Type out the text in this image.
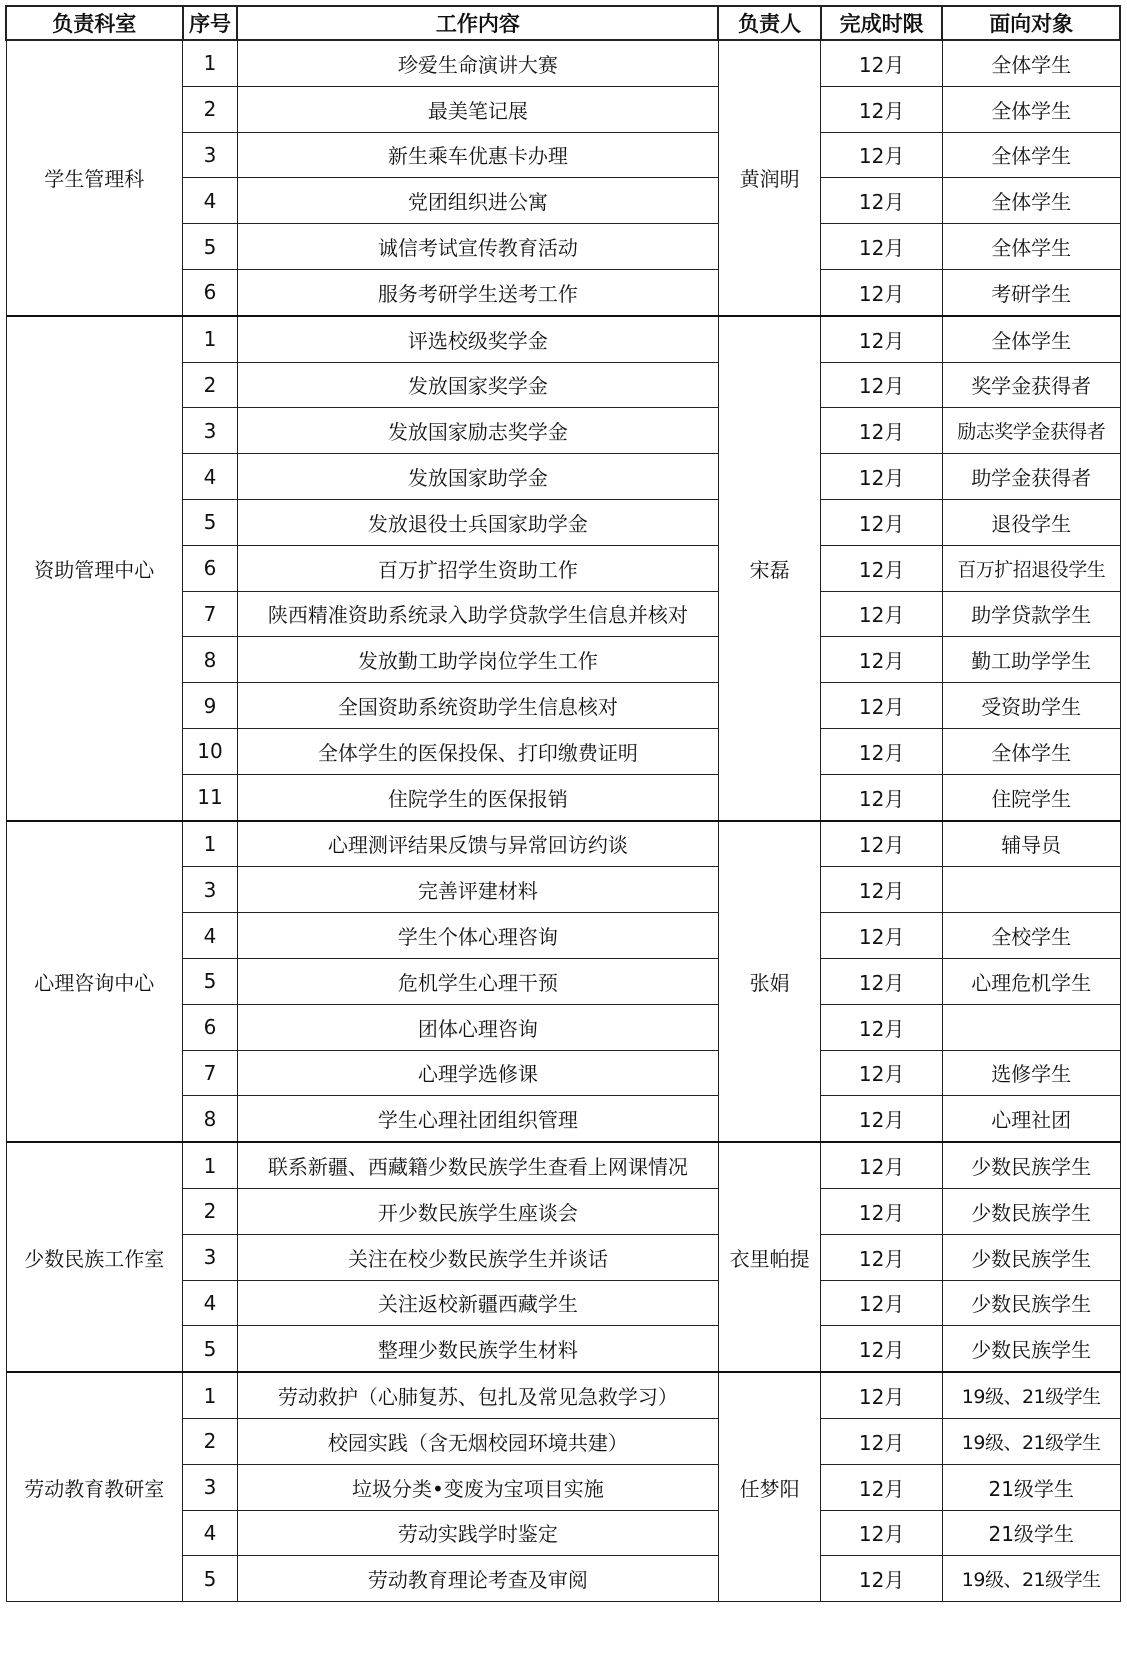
负责科室	序号	工作内容	负责人	完成时限	面向对象
学生管理科	1	珍爱生命演讲大赛	黄润明	12月	全体学生
	2	最美笔记展		12月	全体学生
	3	新生乘车优惠卡办理		12月	全体学生
	4	党团组织进公寓		12月	全体学生
	5	诚信考试宣传教育活动		12月	全体学生
	6	服务考研学生送考工作		12月	考研学生
资助管理中心	1	评选校级奖学金	宋磊	12月	全体学生
	2	发放国家奖学金		12月	奖学金获得者
	3	发放国家励志奖学金		12月	励志奖学金获得者
	4	发放国家助学金		12月	助学金获得者
	5	发放退役士兵国家助学金		12月	退役学生
	6	百万扩招学生资助工作		12月	百万扩招退役学生
	7	陕西精准资助系统录入助学贷款学生信息并核对		12月	助学贷款学生
	8	发放勤工助学岗位学生工作		12月	勤工助学学生
	9	全国资助系统资助学生信息核对		12月	受资助学生
	10	全体学生的医保投保、打印缴费证明		12月	全体学生
	11	住院学生的医保报销		12月	住院学生
心理咨询中心	1	心理测评结果反馈与异常回访约谈	张娟	12月	辅导员
	3	完善评建材料		12月	
	4	学生个体心理咨询		12月	全校学生
	5	危机学生心理干预		12月	心理危机学生
	6	团体心理咨询		12月	
	7	心理学选修课		12月	选修学生
	8	学生心理社团组织管理		12月	心理社团
少数民族工作室	1	联系新疆、西藏籍少数民族学生查看上网课情况	衣里帕提	12月	少数民族学生
	2	开少数民族学生座谈会		12月	少数民族学生
	3	关注在校少数民族学生并谈话		12月	少数民族学生
	4	关注返校新疆西藏学生		12月	少数民族学生
	5	整理少数民族学生材料		12月	少数民族学生
劳动教育教研室	1	劳动救护（心肺复苏、包扎及常见急救学习）	任梦阳	12月	19级、21级学生
	2	校园实践（含无烟校园环境共建）		12月	19级、21级学生
	3	垃圾分类•变废为宝项目实施		12月	21级学生
	4	劳动实践学时鉴定		12月	21级学生
	5	劳动教育理论考查及审阅		12月	19级、21级学生
